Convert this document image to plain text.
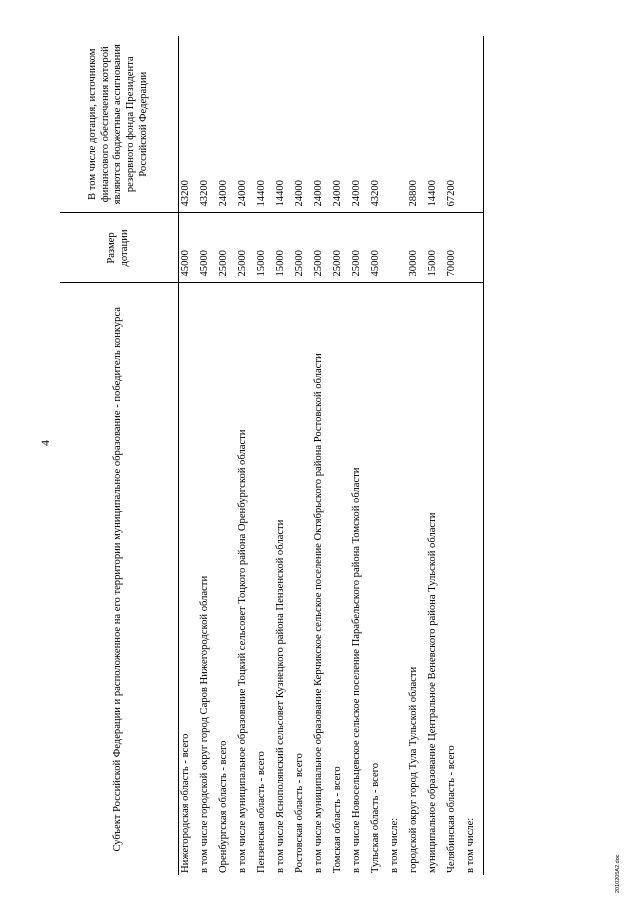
4	Субъект Российской Федерации и расположенное на его территории муниципальное образование - победитель конкурса	Размер дотации	В том числе дотация, источником финансового обеспечения которой являются бюджетные ассигнования резервного фонда Президента Российской Федерации
Нижегородская область - всего	45000	43200
в том числе городской округ город Саров Нижегородской области	45000	43200
Оренбургская область - всего	25000	24000
в том числе муниципальное образование Тоцкий сельсовет Тоцкого района Оренбургской области	25000	24000
Пензенская область - всего	15000	14400
в том числе Яснополянский сельсовет Кузнецкого района Пензенской области	15000	14400
Ростовская область - всего	25000	24000
в том числе муниципальное образование Керчикское сельское поселение Октябрьского района Ростовской области	25000	24000
Томская область - всего	25000	24000
в том числе Новосельцевское сельское поселение Парабельского района Томской области	25000	24000
Тульская область - всего	45000	43200
в том числе:		
городской округ город Тула Тульской области	30000	28800
муниципальное образование Центральное Веневского района Тульской области	15000	14400
Челябинская область - всего	70000	67200
в том числе:		
2010205A2.doc
